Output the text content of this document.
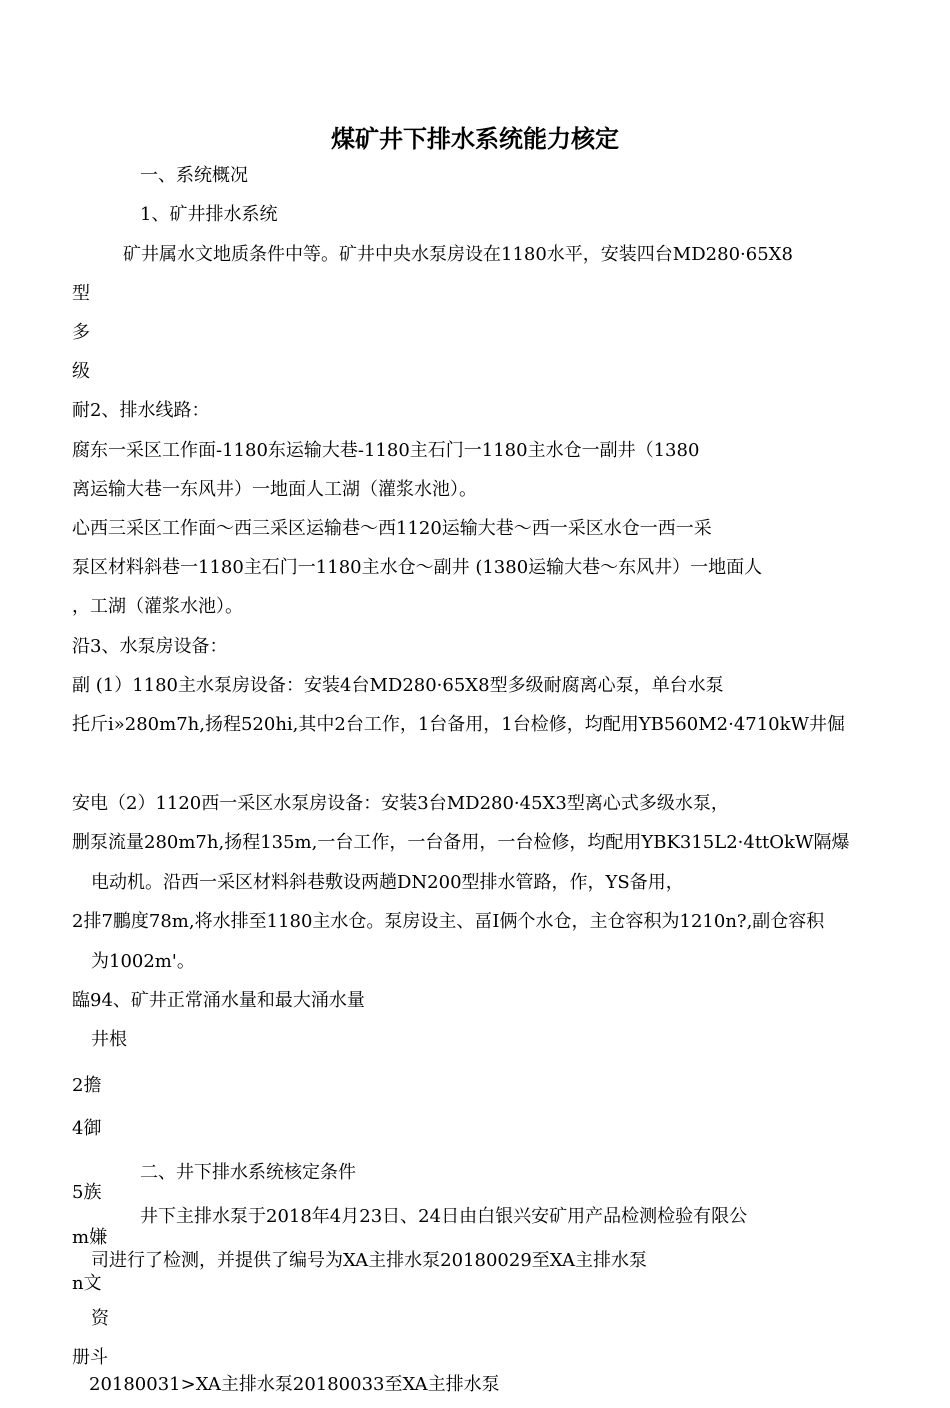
煤矿井下排水系统能力核定
一、系统概况
1、矿井排水系统
矿井属水文地质条件中等。矿井中央水泵房设在1180水平，安装四台MD280·65X8
型
多
级
耐2、排水线路：
腐东一采区工作面-1180东运输大巷-1180主石门一1180主水仓一副井（1380
离运输大巷一东风井）一地面人工湖（灌浆水池）。
心西三采区工作面〜西三采区运输巷〜西1120运输大巷〜西一采区水仓一西一采
泵区材料斜巷一1180主石门一1180主水仓〜副井 (1380运输大巷〜东风井）一地面人
，工湖（灌浆水池）。
沿3、水泵房设备：
副 (1）1180主水泵房设备：安装4台MD280·65X8型多级耐腐离心泵，单台水泵
托斤i»280m7h,扬程520hi,其中2台工作，1台备用，1台检修，均配用YB560M2·4710kW井倔
安电（2）1120西一采区水泵房设备：安装3台MD280·45X3型离心式多级水泵，
删泵流量280m7h,扬程135m,一台工作，一台备用，一台检修，均配用YBK315L2·4ttOkW隔爆
电动机。沿西一采区材料斜巷敷设两趟DN200型排水管路，作，YS备用，
2排7鵬度78m,将水排至1180主水仓。泵房设主、畐I俩个水仓，主仓容积为1210n?,副仓容积
为1002m'。
臨94、矿井正常涌水量和最大涌水量
井根
2擔
4御
二、井下排水系统核定条件
5族
井下主排水泵于2018年4月23日、24日由白银兴安矿用产品检测检验有限公
m嫌
司进行了检测，并提供了编号为XA主排水泵20180029至XA主排水泵
n文
资
册斗
20180031>XA主排水泵20180033至XA主排水泵
